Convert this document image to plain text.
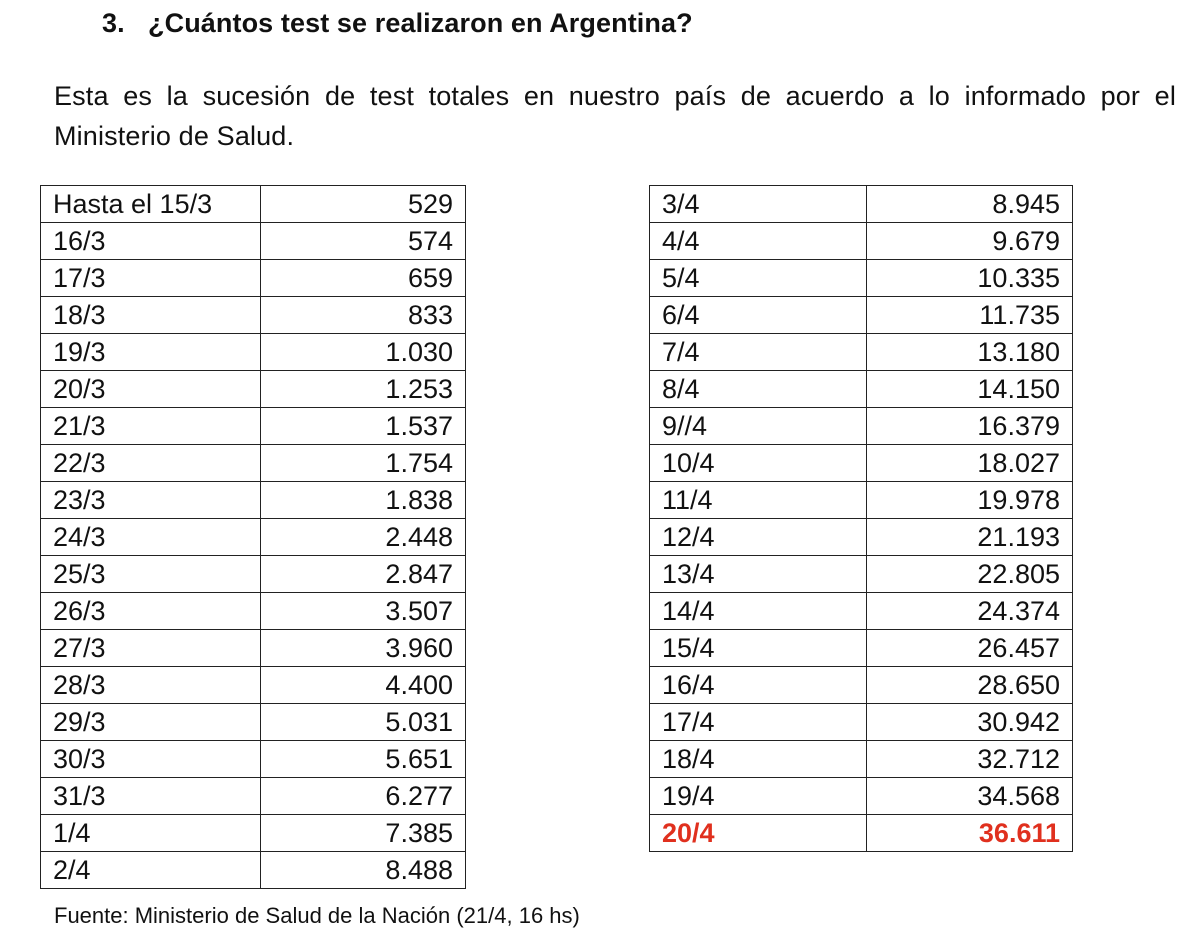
3. ¿Cuántos test se realizaron en Argentina?
Esta es la sucesión de test totales en nuestro país de acuerdo a lo informado por el Ministerio de Salud.
Hasta el 15/3	529
16/3	574
17/3	659
18/3	833
19/3	1.030
20/3	1.253
21/3	1.537
22/3	1.754
23/3	1.838
24/3	2.448
25/3	2.847
26/3	3.507
27/3	3.960
28/3	4.400
29/3	5.031
30/3	5.651
31/3	6.277
1/4	7.385
2/4	8.488
3/4	8.945
4/4	9.679
5/4	10.335
6/4	11.735
7/4	13.180
8/4	14.150
9//4	16.379
10/4	18.027
11/4	19.978
12/4	21.193
13/4	22.805
14/4	24.374
15/4	26.457
16/4	28.650
17/4	30.942
18/4	32.712
19/4	34.568
20/4	36.611
Fuente: Ministerio de Salud de la Nación (21/4, 16 hs)
